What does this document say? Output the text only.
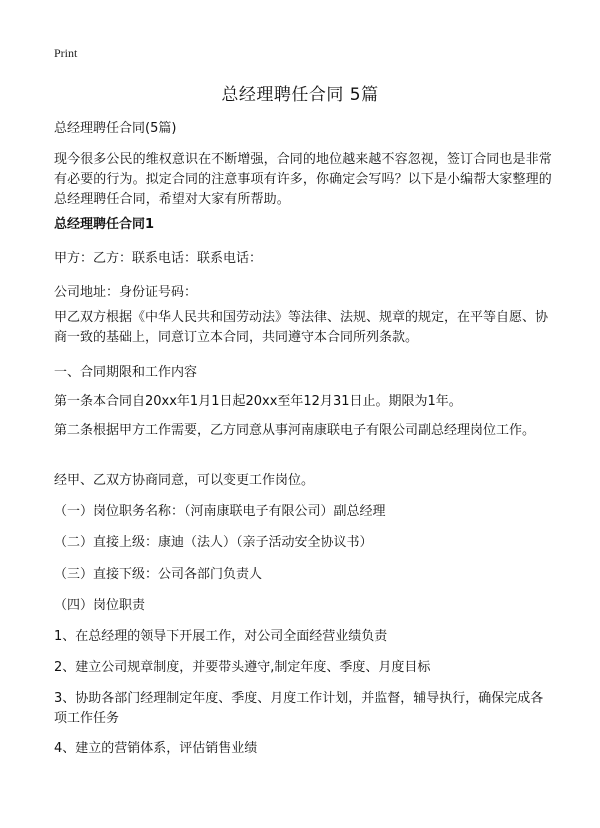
Print
总经理聘任合同 5篇

总经理聘任合同(5篇)

现今很多公民的维权意识在不断增强，合同的地位越来越不容忽视，签订合同也是非常有必要的行为。拟定合同的注意事项有许多，你确定会写吗？以下是小编帮大家整理的总经理聘任合同，希望对大家有所帮助。

总经理聘任合同1

甲方：乙方：联系电话：联系电话：

公司地址：身份证号码：

甲乙双方根据《中华人民共和国劳动法》等法律、法规、规章的规定，在平等自愿、协商一致的基础上，同意订立本合同，共同遵守本合同所列条款。

一、合同期限和工作内容

第一条本合同自20xx年1月1日起20xx至年12月31日止。期限为1年。

第二条根据甲方工作需要，乙方同意从事河南康联电子有限公司副总经理岗位工作。

经甲、乙双方协商同意，可以变更工作岗位。

（一）岗位职务名称：（河南康联电子有限公司）副总经理

（二）直接上级：康迪（法人）（亲子活动安全协议书）

（三）直接下级：公司各部门负责人

（四）岗位职责

1、在总经理的领导下开展工作，对公司全面经营业绩负责

2、建立公司规章制度，并要带头遵守,制定年度、季度、月度目标

3、协助各部门经理制定年度、季度、月度工作计划，并监督，辅导执行，确保完成各项工作任务

4、建立的营销体系，评估销售业绩
